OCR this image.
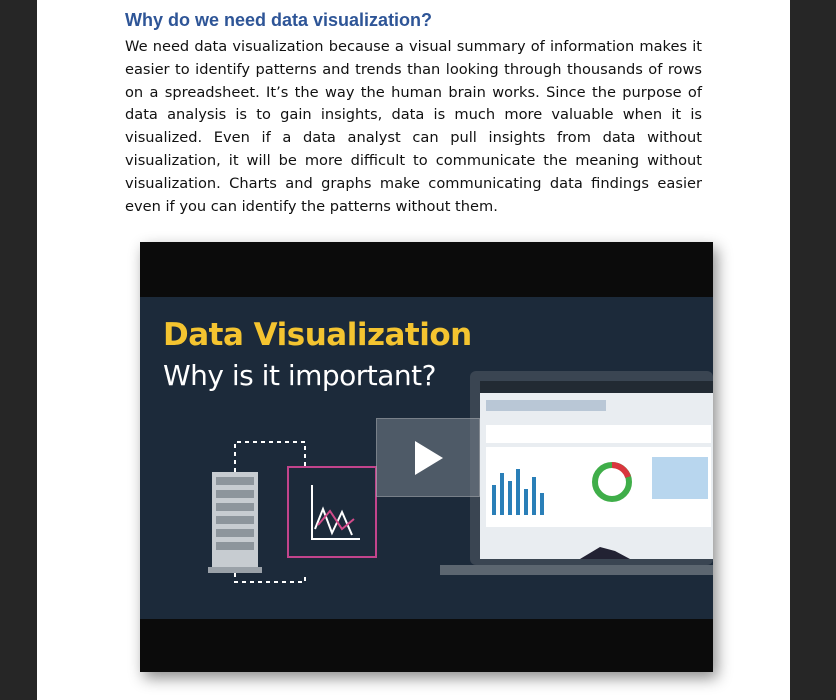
Why do we need data visualization?

We need data visualization because a visual summary of information makes it easier to identify patterns and trends than looking through thousands of rows on a spreadsheet. It’s the way the human brain works. Since the purpose of data analysis is to gain insights, data is much more valuable when it is visualized. Even if a data analyst can pull insights from data without visualization, it will be more difficult to communicate the meaning without visualization. Charts and graphs make communicating data findings easier even if you can identify the patterns without them.

Data Visualization

Why is it important?
